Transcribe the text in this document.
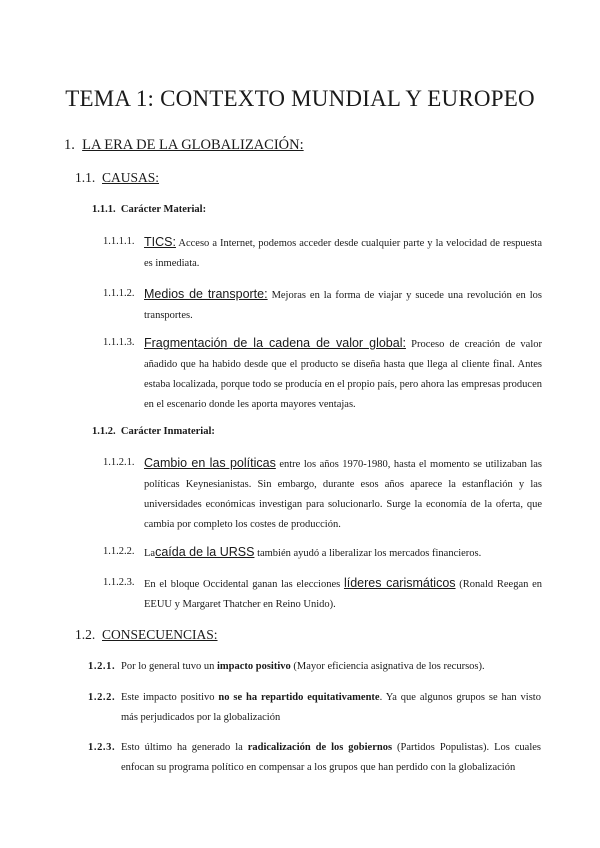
TEMA 1: CONTEXTO MUNDIAL Y EUROPEO
1. LA ERA DE LA GLOBALIZACIÓN:
1.1. CAUSAS:
1.1.1. Carácter Material:
1.1.1.1. TICS: Acceso a Internet, podemos acceder desde cualquier parte y la velocidad de respuesta es inmediata.
1.1.1.2. Medios de transporte: Mejoras en la forma de viajar y sucede una revolución en los transportes.
1.1.1.3. Fragmentación de la cadena de valor global: Proceso de creación de valor añadido que ha habido desde que el producto se diseña hasta que llega al cliente final. Antes estaba localizada, porque todo se producía en el propio país, pero ahora las empresas producen en el escenario donde les aporta mayores ventajas.
1.1.2. Carácter Inmaterial:
1.1.2.1. Cambio en las políticas entre los años 1970-1980, hasta el momento se utilizaban las políticas Keynesianistas. Sin embargo, durante esos años aparece la estanflación y las universidades económicas investigan para solucionarlo. Surge la economía de la oferta, que cambia por completo los costes de producción.
1.1.2.2. Lacaída de la URSS también ayudó a liberalizar los mercados financieros.
1.1.2.3. En el bloque Occidental ganan las elecciones líderes carismáticos (Ronald Reegan en EEUU y Margaret Thatcher en Reino Unido).
1.2. CONSECUENCIAS:
1.2.1. Por lo general tuvo un impacto positivo (Mayor eficiencia asignativa de los recursos).
1.2.2. Este impacto positivo no se ha repartido equitativamente. Ya que algunos grupos se han visto más perjudicados por la globalización
1.2.3. Esto último ha generado la radicalización de los gobiernos (Partidos Populistas). Los cuales enfocan su programa político en compensar a los grupos que han perdido con la globalización
